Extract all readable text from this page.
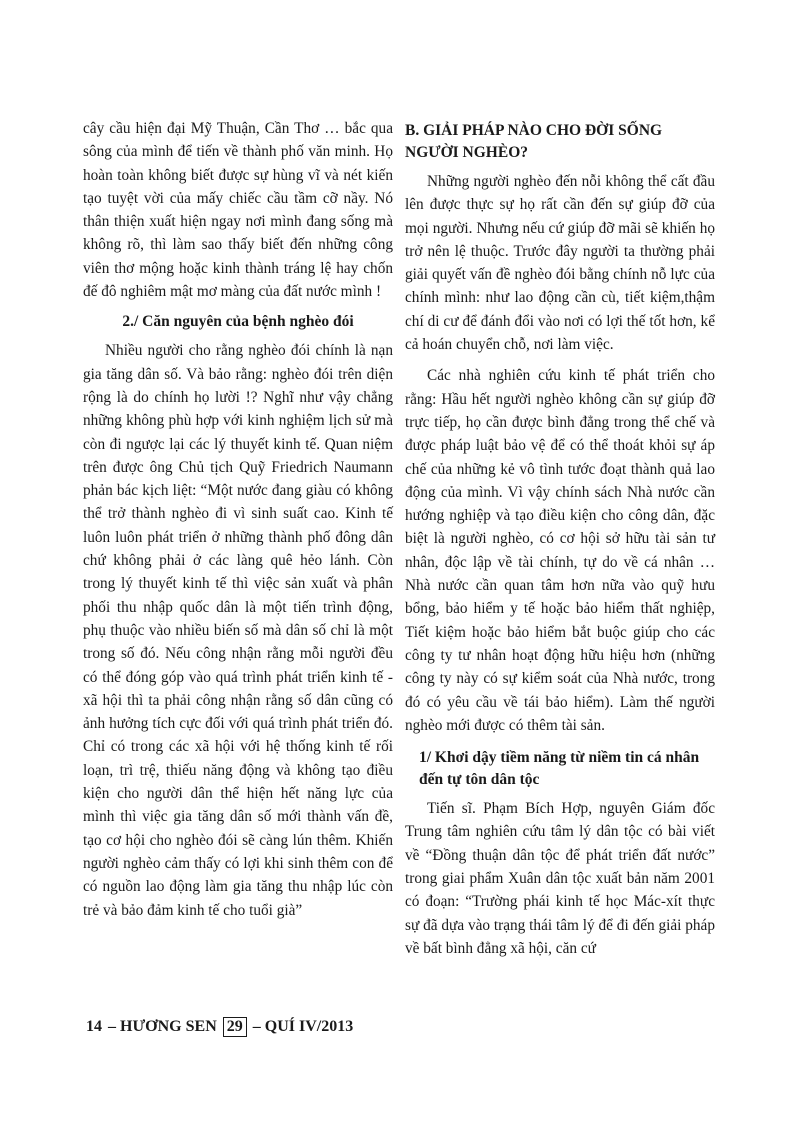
cây cầu hiện đại Mỹ Thuận, Cần Thơ … bắc qua sông của mình để tiến về thành phố văn minh. Họ hoàn toàn không biết được sự hùng vĩ và nét kiến tạo tuyệt vời của mấy chiếc cầu tầm cỡ nầy. Nó thân thiện xuất hiện ngay nơi mình đang sống mà không rõ, thì làm sao thấy biết đến những công viên thơ mộng hoặc kinh thành tráng lệ hay chốn đế đô nghiêm mật mơ màng của đất nước mình !

2./ Căn nguyên của bệnh nghèo đói

Nhiều người cho rằng nghèo đói chính là nạn gia tăng dân số. Và bảo rằng: nghèo đói trên diện rộng là do chính họ lười !? Nghĩ như vậy chẳng những không phù hợp với kinh nghiệm lịch sử mà còn đi ngược lại các lý thuyết kinh tế. Quan niệm trên được ông Chủ tịch Quỹ Friedrich Naumann phản bác kịch liệt: “Một nước đang giàu có không thể trở thành nghèo đi vì sinh suất cao. Kinh tế luôn luôn phát triển ở những thành phố đông dân chứ không phải ở các làng quê hẻo lánh. Còn trong lý thuyết kinh tế thì việc sản xuất và phân phối thu nhập quốc dân là một tiến trình động, phụ thuộc vào nhiều biến số mà dân số chỉ là một trong số đó. Nếu công nhận rằng mỗi người đều có thể đóng góp vào quá trình phát triển kinh tế - xã hội thì ta phải công nhận rằng số dân cũng có ảnh hưởng tích cực đối với quá trình phát triển đó. Chỉ có trong các xã hội với hệ thống kinh tế rối loạn, trì trệ, thiếu năng động và không tạo điều kiện cho người dân thể hiện hết năng lực của mình thì việc gia tăng dân số mới thành vấn đề, tạo cơ hội cho nghèo đói sẽ càng lún thêm. Khiến người nghèo cảm thấy có lợi khi sinh thêm con để có nguồn lao động làm gia tăng thu nhập lúc còn trẻ và bảo đảm kinh tế cho tuổi già”

B. GIẢI PHÁP NÀO CHO ĐỜI SỐNG NGƯỜI NGHÈO?

Những người nghèo đến nỗi không thể cất đầu lên được thực sự họ rất cần đến sự giúp đỡ của mọi người. Nhưng nếu cứ giúp đỡ mãi sẽ khiến họ trở nên lệ thuộc. Trước đây người ta thường phải giải quyết vấn đề nghèo đói bằng chính nỗ lực của chính mình: như lao động cần cù, tiết kiệm,thậm chí di cư để đánh đổi vào nơi có lợi thế tốt hơn, kể cả hoán chuyển chỗ, nơi làm việc.

Các nhà nghiên cứu kinh tế phát triển cho rằng: Hầu hết người nghèo không cần sự giúp đỡ trực tiếp, họ cần được bình đẳng trong thể chế và được pháp luật bảo vệ để có thể thoát khỏi sự áp chế của những kẻ vô tình tước đoạt thành quả lao động của mình. Vì vậy chính sách Nhà nước cần hướng nghiệp và tạo điều kiện cho công dân, đặc biệt là người nghèo, có cơ hội sở hữu tài sản tư nhân, độc lập về tài chính, tự do về cá nhân … Nhà nước cần quan tâm hơn nữa vào quỹ hưu bổng, bảo hiểm y tế hoặc bảo hiểm thất nghiệp, Tiết kiệm hoặc bảo hiểm bắt buộc giúp cho các công ty tư nhân hoạt động hữu hiệu hơn (những công ty này có sự kiểm soát của Nhà nước, trong đó có yêu cầu về tái bảo hiểm). Làm thế người nghèo mới được có thêm tài sản.

1/ Khơi dậy tiềm năng từ niềm tin cá nhân đến tự tôn dân tộc

Tiến sĩ. Phạm Bích Hợp, nguyên Giám đốc Trung tâm nghiên cứu tâm lý dân tộc có bài viết về “Đồng thuận dân tộc để phát triển đất nước” trong giai phẩm Xuân dân tộc xuất bản năm 2001 có đoạn: “Trường phái kinh tế học Mác-xít thực sự đã dựa vào trạng thái tâm lý để đi đến giải pháp về bất bình đẳng xã hội, căn cứ

14 – HƯƠNG SEN 29 – QUÍ IV/2013
